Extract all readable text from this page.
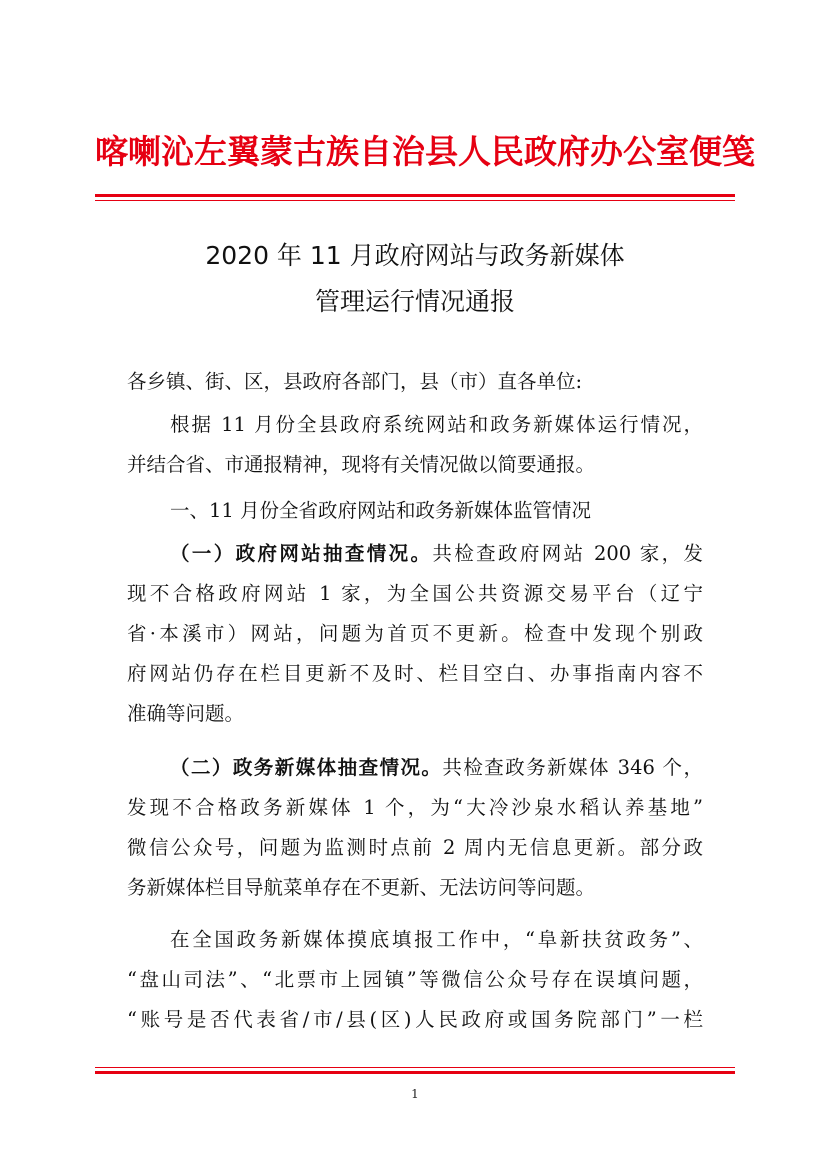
喀喇沁左翼蒙古族自治县人民政府办公室便笺
2020 年 11 月政府网站与政务新媒体
管理运行情况通报
各乡镇、街、区，县政府各部门，县（市）直各单位:
根据 11 月份全县政府系统网站和政务新媒体运行情况，
并结合省、市通报精神，现将有关情况做以简要通报。
一、11 月份全省政府网站和政务新媒体监管情况
（一）政府网站抽查情况。共检查政府网站 200 家，发
现不合格政府网站 1 家，为全国公共资源交易平台（辽宁
省·本溪市）网站，问题为首页不更新。检查中发现个别政
府网站仍存在栏目更新不及时、栏目空白、办事指南内容不
准确等问题。
（二）政务新媒体抽查情况。共检查政务新媒体 346 个，
发现不合格政务新媒体 1 个，为“大冷沙泉水稻认养基地”
微信公众号，问题为监测时点前 2 周内无信息更新。部分政
务新媒体栏目导航菜单存在不更新、无法访问等问题。
在全国政务新媒体摸底填报工作中，“阜新扶贫政务”、
“盘山司法”、“北票市上园镇”等微信公众号存在误填问题，
“账号是否代表省/市/县(区)人民政府或国务院部门”一栏
1
